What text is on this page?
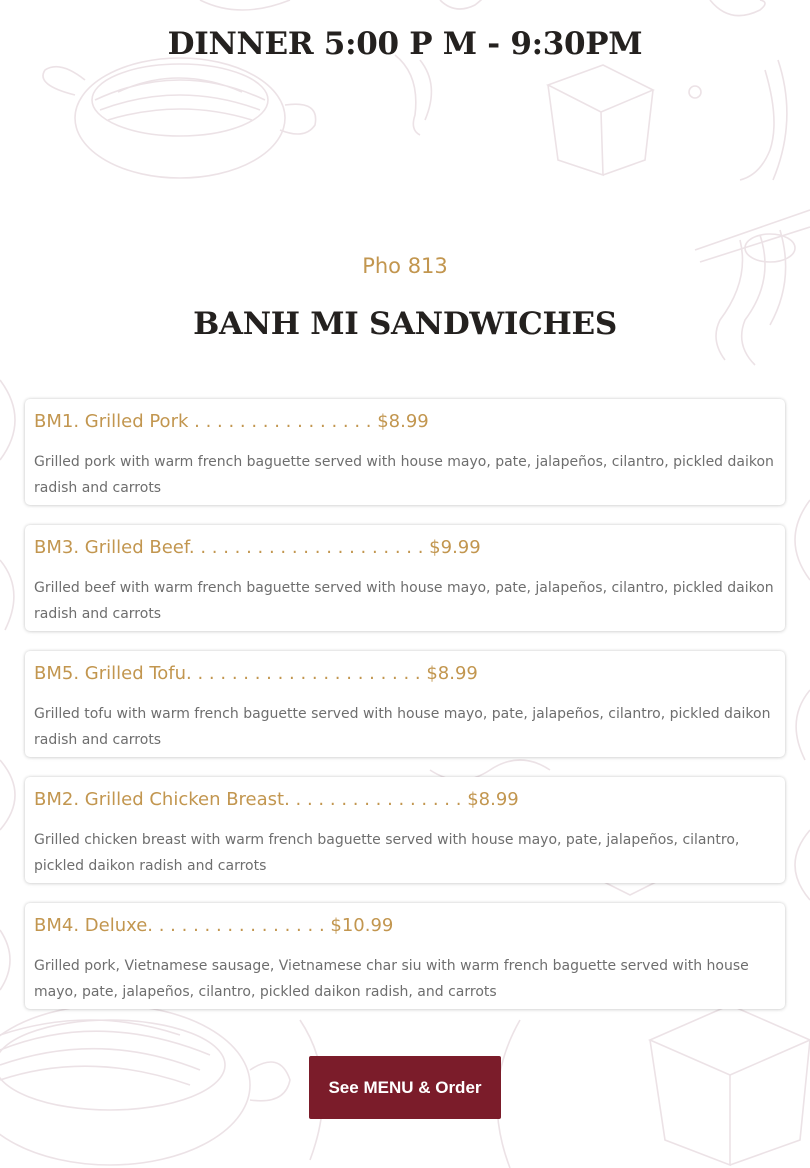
DINNER 5:00 P M - 9:30PM
Pho 813
BANH MI SANDWICHES
BM1. Grilled Pork . . . . . . . . . . . . . . . . $8.99
Grilled pork with warm french baguette served with house mayo, pate, jalapeños, cilantro, pickled daikon radish and carrots
BM3. Grilled Beef. . . . . . . . . . . . . . . . . . . . . $9.99
Grilled beef with warm french baguette served with house mayo, pate, jalapeños, cilantro, pickled daikon radish and carrots
BM5. Grilled Tofu. . . . . . . . . . . . . . . . . . . . . $8.99
Grilled tofu with warm french baguette served with house mayo, pate, jalapeños, cilantro, pickled daikon radish and carrots
BM2. Grilled Chicken Breast. . . . . . . . . . . . . . . . $8.99
Grilled chicken breast with warm french baguette served with house mayo, pate, jalapeños, cilantro, pickled daikon radish and carrots
BM4. Deluxe. . . . . . . . . . . . . . . . $10.99
Grilled pork, Vietnamese sausage, Vietnamese char siu with warm french baguette served with house mayo, pate, jalapeños, cilantro, pickled daikon radish, and carrots
See MENU & Order
